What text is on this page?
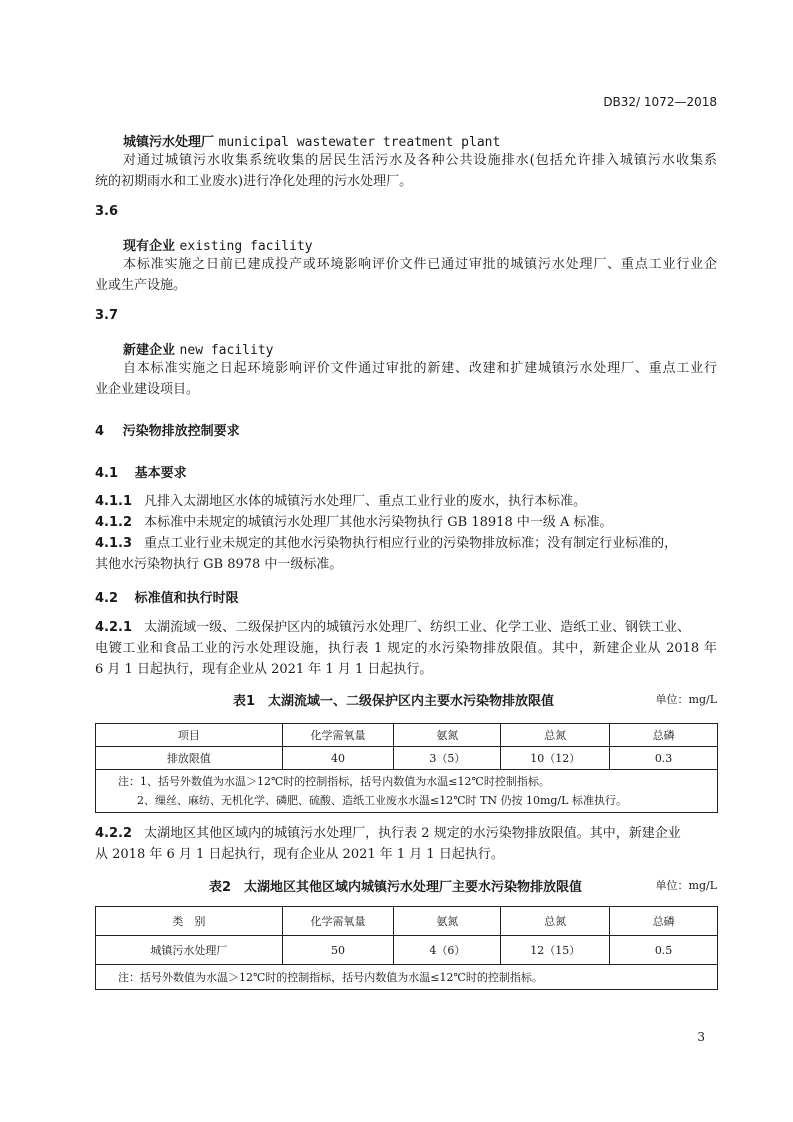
DB32/ 1072—2018
城镇污水处理厂 municipal wastewater treatment plant
对通过城镇污水收集系统收集的居民生活污水及各种公共设施排水(包括允许排入城镇污水收集系
统的初期雨水和工业废水)进行净化处理的污水处理厂。
3.6
现有企业 existing facility
本标准实施之日前已建成投产或环境影响评价文件已通过审批的城镇污水处理厂、重点工业行业企
业或生产设施。
3.7
新建企业 new facility
自本标准实施之日起环境影响评价文件通过审批的新建、改建和扩建城镇污水处理厂、重点工业行
业企业建设项目。
4 污染物排放控制要求
4.1 基本要求
4.1.1 凡排入太湖地区水体的城镇污水处理厂、重点工业行业的废水，执行本标准。
4.1.2 本标准中未规定的城镇污水处理厂其他水污染物执行 GB 18918 中一级 A 标准。
4.1.3 重点工业行业未规定的其他水污染物执行相应行业的污染物排放标准；没有制定行业标准的，
其他水污染物执行 GB 8978 中一级标准。
4.2 标准值和执行时限
4.2.1 太湖流域一级、二级保护区内的城镇污水处理厂、纺织工业、化学工业、造纸工业、钢铁工业、
电镀工业和食品工业的污水处理设施，执行表 1 规定的水污染物排放限值。其中，新建企业从 2018 年
6 月 1 日起执行，现有企业从 2021 年 1 月 1 日起执行。
表1　太湖流域一、二级保护区内主要水污染物排放限值	单位：mg/L
项目	化学需氧量	氨氮	总氮	总磷
排放限值	40	3（5）	10（12）	0.3

注：1、括号外数值为水温＞12℃时的控制指标，括号内数值为水温≤12℃时控制指标。
2、缫丝、麻纺、无机化学、磷肥、硫酸、造纸工业废水水温≤12℃时 TN 仍按 10mg/L 标准执行。				
4.2.2 太湖地区其他区域内的城镇污水处理厂，执行表 2 规定的水污染物排放限值。其中，新建企业
从 2018 年 6 月 1 日起执行，现有企业从 2021 年 1 月 1 日起执行。
表2　太湖地区其他区域内城镇污水处理厂主要水污染物排放限值	单位：mg/L
类　别	化学需氧量	氨氮	总氮	总磷
城镇污水处理厂	50	4（6）	12（15）	0.5
注：括号外数值为水温＞12℃时的控制指标，括号内数值为水温≤12℃时的控制指标。				
3
